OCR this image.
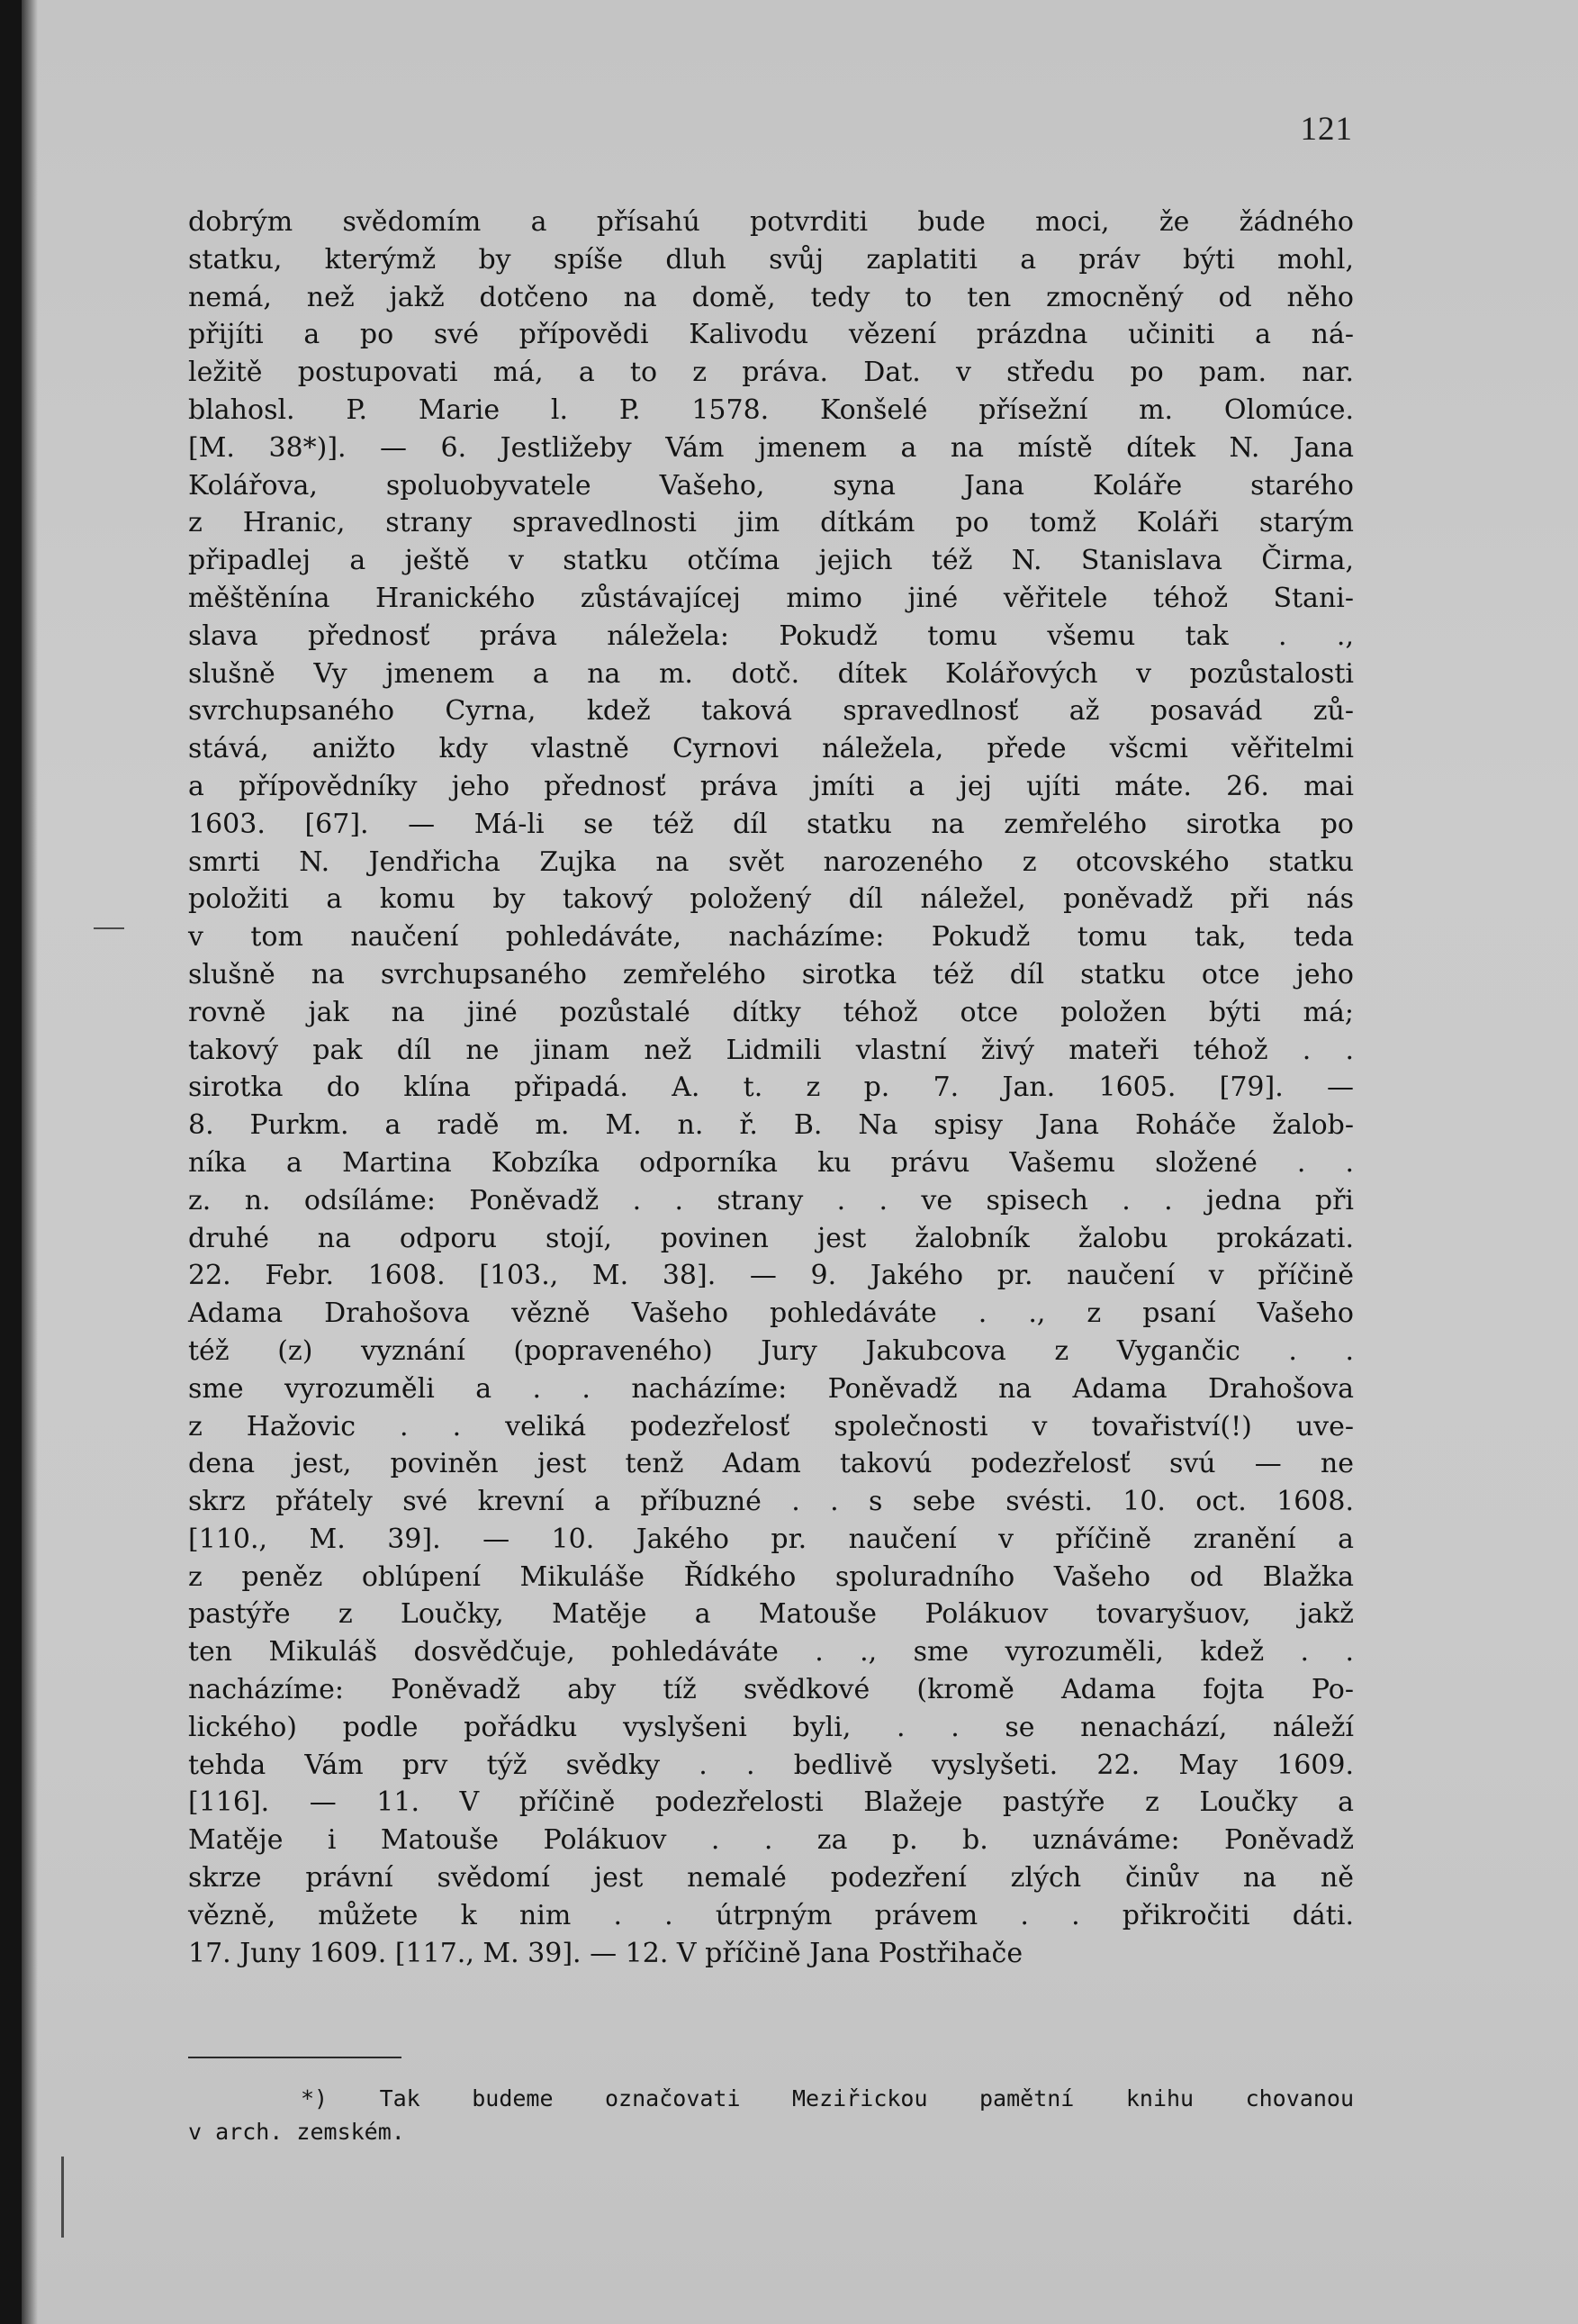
121
dobrým svědomím a přísahú potvrditi bude moci, že žádného
statku, kterýmž by spíše dluh svůj zaplatiti a práv býti mohl,
nemá, než jakž dotčeno na domě, tedy to ten zmocněný od něho
přijíti a po své přípovědi Kalivodu vězení prázdna učiniti a ná-
ležitě postupovati má, a to z práva. Dat. v středu po pam. nar.
blahosl. P. Marie l. P. 1578. Konšelé přísežní m. Olomúce.
[M. 38*)]. — 6. Jestližeby Vám jmenem a na místě dítek N. Jana
Kolářova, spoluobyvatele Vašeho, syna Jana Koláře starého
z Hranic, strany spravedlnosti jim dítkám po tomž Koláři starým
připadlej a ještě v statku otčíma jejich též N. Stanislava Čirma,
měštěnína Hranického zůstávajícej mimo jiné věřitele téhož Stani-
slava přednosť práva náležela: Pokudž tomu všemu tak . .,
slušně Vy jmenem a na m. dotč. dítek Kolářových v pozůstalosti
svrchupsaného Cyrna, kdež taková spravedlnosť až posavád zů-
stává, anižto kdy vlastně Cyrnovi náležela, přede všcmi věřitelmi
a přípovědníky jeho přednosť práva jmíti a jej ujíti máte. 26. mai
1603. [67]. — Má-li se též díl statku na zemřelého sirotka po
smrti N. Jendřicha Zujka na svět narozeného z otcovského statku
položiti a komu by takový položený díl náležel, poněvadž při nás
v tom naučení pohledáváte, nacházíme: Pokudž tomu tak, teda
slušně na svrchupsaného zemřelého sirotka též díl statku otce jeho
rovně jak na jiné pozůstalé dítky téhož otce položen býti má;
takový pak díl ne jinam než Lidmili vlastní živý mateři téhož . .
sirotka do klína připadá. A. t. z p. 7. Jan. 1605. [79]. —
8. Purkm. a radě m. M. n. ř. B. Na spisy Jana Roháče žalob-
níka a Martina Kobzíka odporníka ku právu Vašemu složené . .
z. n. odsíláme: Poněvadž . . strany . . ve spisech . . jedna při
druhé na odporu stojí, povinen jest žalobník žalobu prokázati.
22. Febr. 1608. [103., M. 38]. — 9. Jakého pr. naučení v příčině
Adama Drahošova vězně Vašeho pohledáváte . ., z psaní Vašeho
též (z) vyznání (popraveného) Jury Jakubcova z Vygančic . .
sme vyrozuměli a . . nacházíme: Poněvadž na Adama Drahošova
z Hažovic . . veliká podezřelosť společnosti v tovařiství(!) uve-
dena jest, poviněn jest tenž Adam takovú podezřelosť svú — ne
skrz přátely své krevní a příbuzné . . s sebe svésti. 10. oct. 1608.
[110., M. 39]. — 10. Jakého pr. naučení v příčině zranění a
z peněz oblúpení Mikuláše Řídkého spoluradního Vašeho od Blažka
pastýře z Loučky, Matěje a Matouše Polákuov tovaryšuov, jakž
ten Mikuláš dosvědčuje, pohledáváte . ., sme vyrozuměli, kdež . .
nacházíme: Poněvadž aby tíž svědkové (kromě Adama fojta Po-
lického) podle pořádku vyslyšeni byli, . . se nenachází, náleží
tehda Vám prv týž svědky . . bedlivě vyslyšeti. 22. May 1609.
[116]. — 11. V příčině podezřelosti Blažeje pastýře z Loučky a
Matěje i Matouše Polákuov . . za p. b. uznáváme: Poněvadž
skrze právní svědomí jest nemalé podezření zlých činův na ně
vězně, můžete k nim . . útrpným právem . . přikročiti dáti.
17. Juny 1609. [117., M. 39]. — 12. V příčině Jana Postřihače
*) Tak budeme označovati Meziřickou pamětní knihu chovanou
v arch. zemském.
